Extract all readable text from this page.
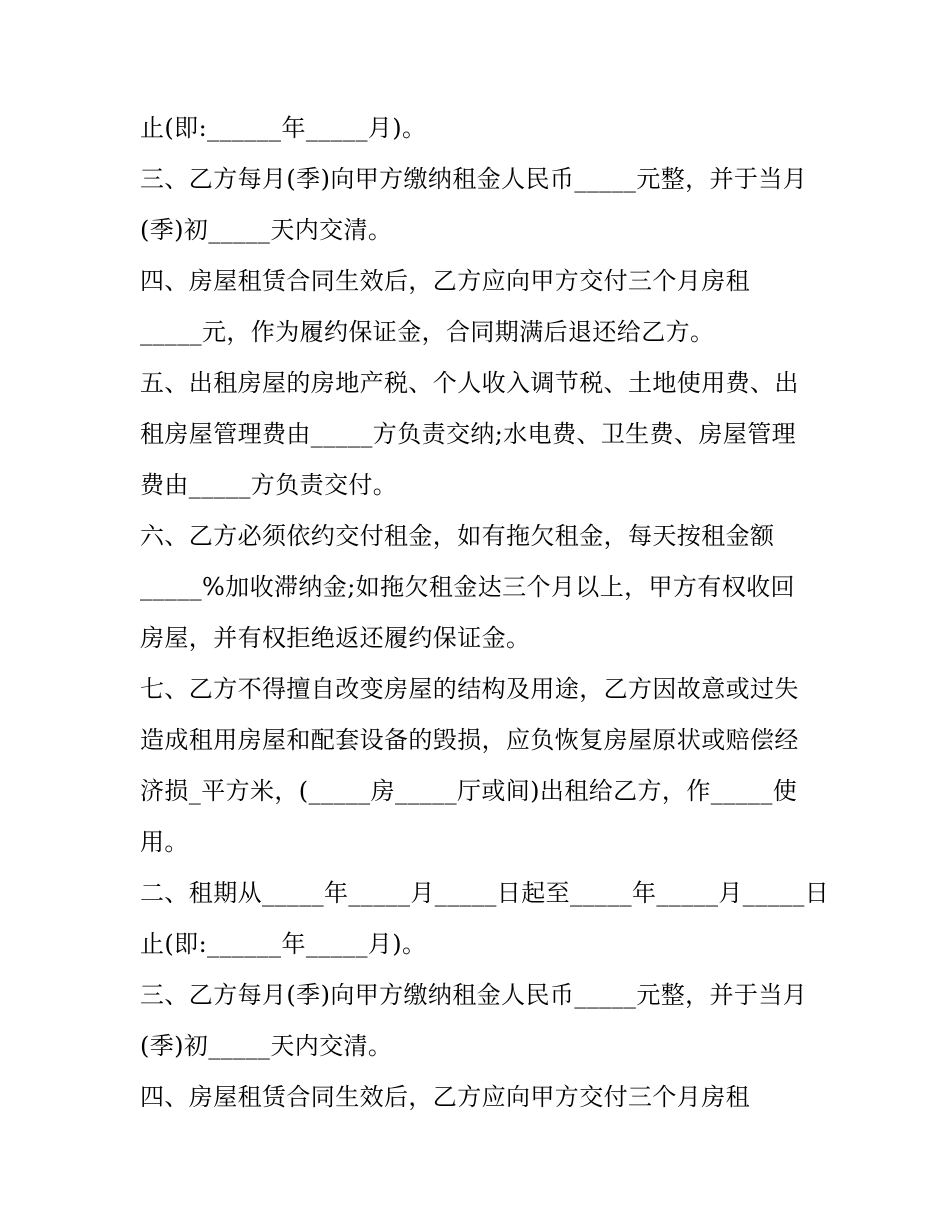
止(即:______年_____月)。
三、乙方每月(季)向甲方缴纳租金人民币_____元整，并于当月
(季)初_____天内交清。
四、房屋租赁合同生效后，乙方应向甲方交付三个月房租
_____元，作为履约保证金，合同期满后退还给乙方。
五、出租房屋的房地产税、个人收入调节税、土地使用费、出
租房屋管理费由_____方负责交纳;水电费、卫生费、房屋管理
费由_____方负责交付。
六、乙方必须依约交付租金，如有拖欠租金，每天按租金额
_____%加收滞纳金;如拖欠租金达三个月以上，甲方有权收回
房屋，并有权拒绝返还履约保证金。
七、乙方不得擅自改变房屋的结构及用途，乙方因故意或过失
造成租用房屋和配套设备的毁损，应负恢复房屋原状或赔偿经
济损_平方米，(_____房_____厅或间)出租给乙方，作_____使
用。
二、租期从_____年_____月_____日起至_____年_____月_____日
止(即:______年_____月)。
三、乙方每月(季)向甲方缴纳租金人民币_____元整，并于当月
(季)初_____天内交清。
四、房屋租赁合同生效后，乙方应向甲方交付三个月房租
